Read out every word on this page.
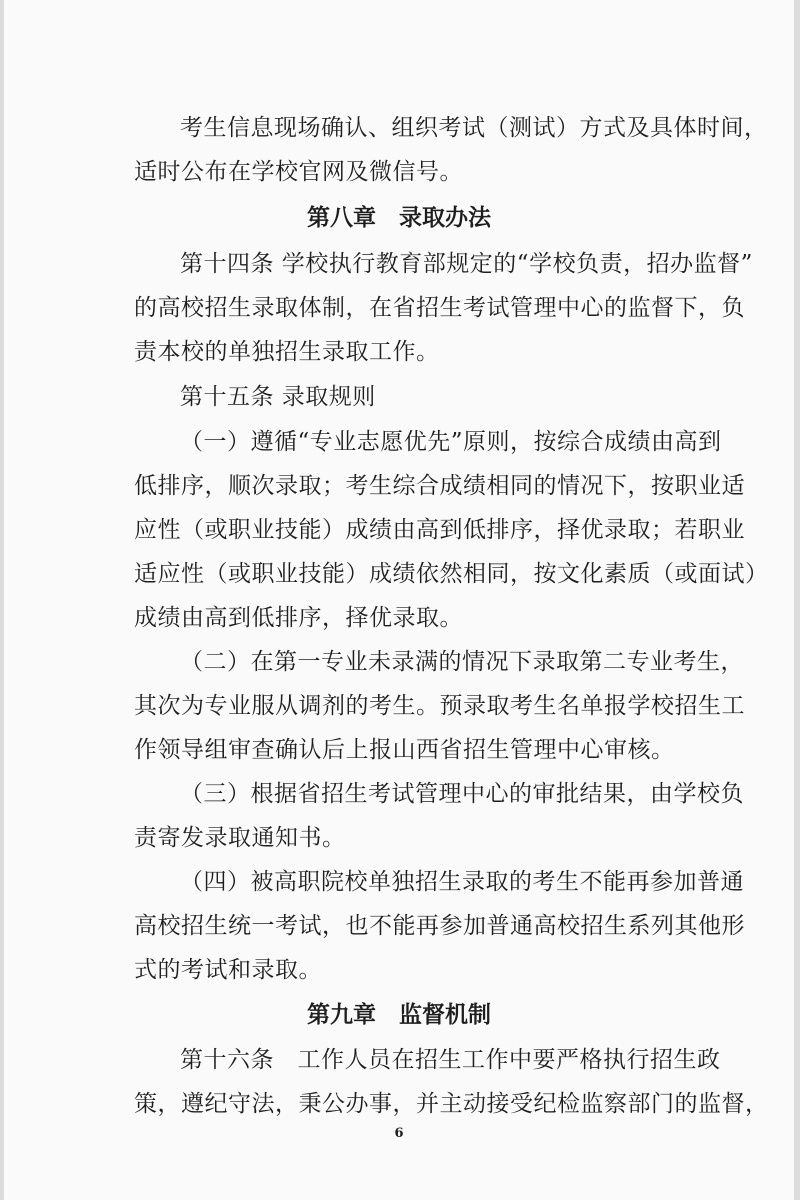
考生信息现场确认、组织考试（测试）方式及具体时间，

适时公布在学校官网及微信号。

第八章　录取办法

第十四条 学校执行教育部规定的“学校负责，招办监督”

的高校招生录取体制，在省招生考试管理中心的监督下，负

责本校的单独招生录取工作。

第十五条 录取规则

（一）遵循“专业志愿优先”原则，按综合成绩由高到

低排序，顺次录取；考生综合成绩相同的情况下，按职业适

应性（或职业技能）成绩由高到低排序，择优录取；若职业

适应性（或职业技能）成绩依然相同，按文化素质（或面试）

成绩由高到低排序，择优录取。

（二）在第一专业未录满的情况下录取第二专业考生，

其次为专业服从调剂的考生。预录取考生名单报学校招生工

作领导组审查确认后上报山西省招生管理中心审核。

（三）根据省招生考试管理中心的审批结果，由学校负

责寄发录取通知书。

（四）被高职院校单独招生录取的考生不能再参加普通

高校招生统一考试，也不能再参加普通高校招生系列其他形

式的考试和录取。

第九章　监督机制

第十六条　工作人员在招生工作中要严格执行招生政

策，遵纪守法，秉公办事，并主动接受纪检监察部门的监督，

6
